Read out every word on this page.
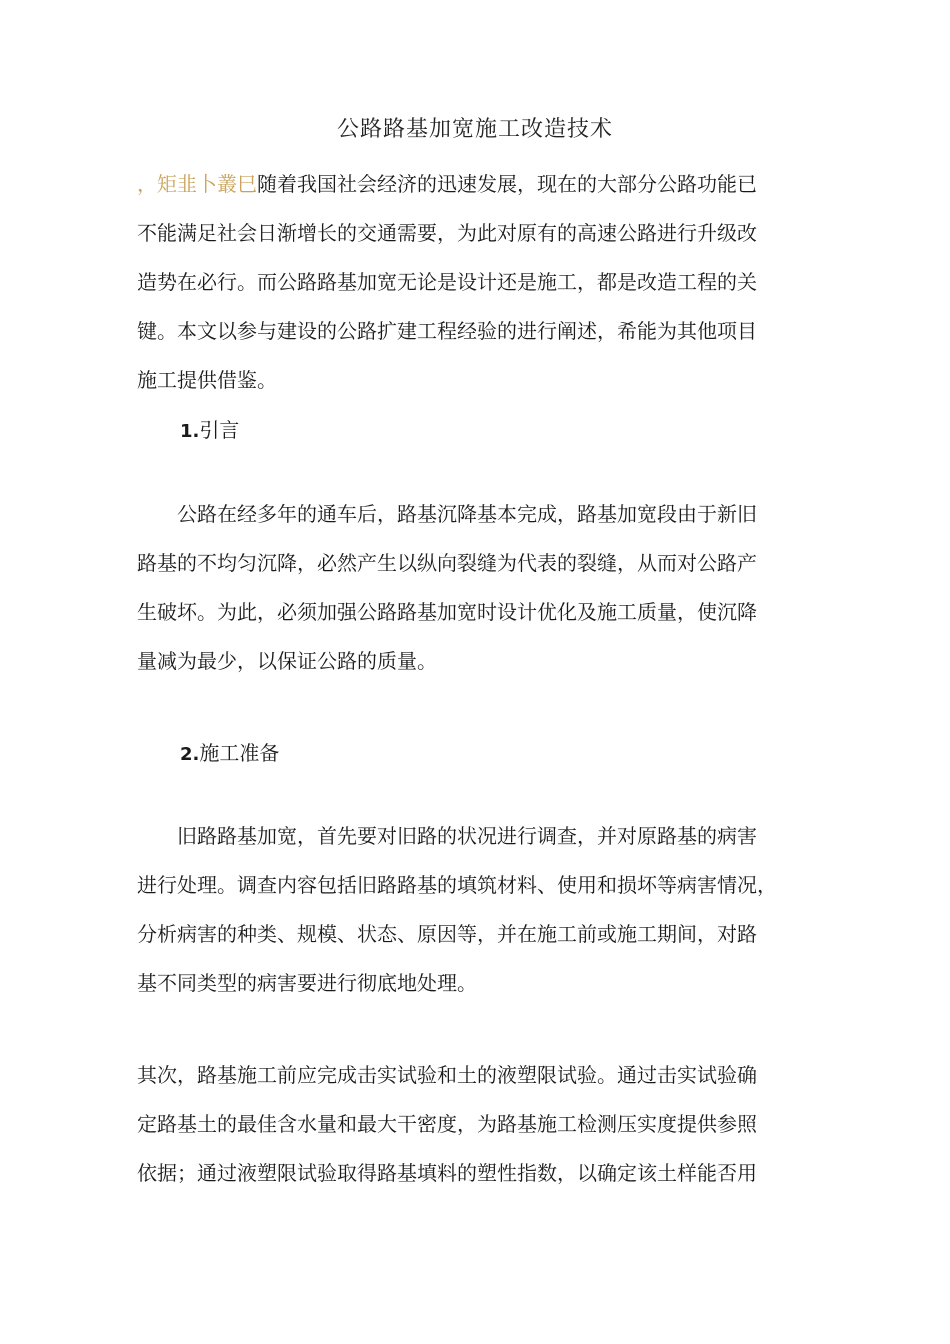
公路路基加宽施工改造技术

，矩韭卜叢巳随着我国社会经济的迅速发展，现在的大部分公路功能已

不能满足社会日渐增长的交通需要，为此对原有的高速公路进行升级改

造势在必行。而公路路基加宽无论是设计还是施工，都是改造工程的关

键。本文以参与建设的公路扩建工程经验的进行阐述，希能为其他项目

施工提供借鉴。

1.引言

　　公路在经多年的通车后，路基沉降基本完成，路基加宽段由于新旧

路基的不均匀沉降，必然产生以纵向裂缝为代表的裂缝，从而对公路产

生破坏。为此，必须加强公路路基加宽时设计优化及施工质量，使沉降

量减为最少，以保证公路的质量。

2.施工准备

　　旧路路基加宽，首先要对旧路的状况进行调查，并对原路基的病害

进行处理。调查内容包括旧路路基的填筑材料、使用和损坏等病害情况，

分析病害的种类、规模、状态、原因等，并在施工前或施工期间，对路

基不同类型的病害要进行彻底地处理。

其次，路基施工前应完成击实试验和土的液塑限试验。通过击实试验确

定路基土的最佳含水量和最大干密度，为路基施工检测压实度提供参照

依据；通过液塑限试验取得路基填料的塑性指数，以确定该土样能否用
